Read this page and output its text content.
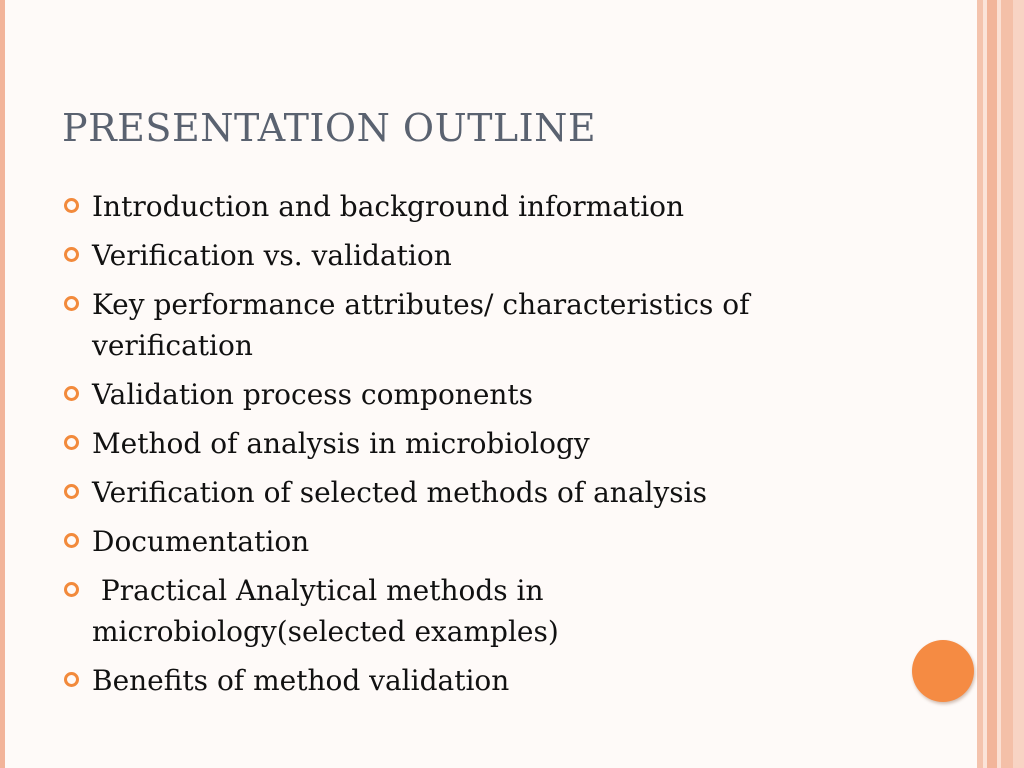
PRESENTATION OUTLINE
Introduction and background information
Verification vs. validation
Key performance attributes/ characteristics of verification
Validation process components
Method of analysis in microbiology
Verification of selected methods of analysis
Documentation
Practical Analytical methods in microbiology(selected examples)
Benefits of method validation
